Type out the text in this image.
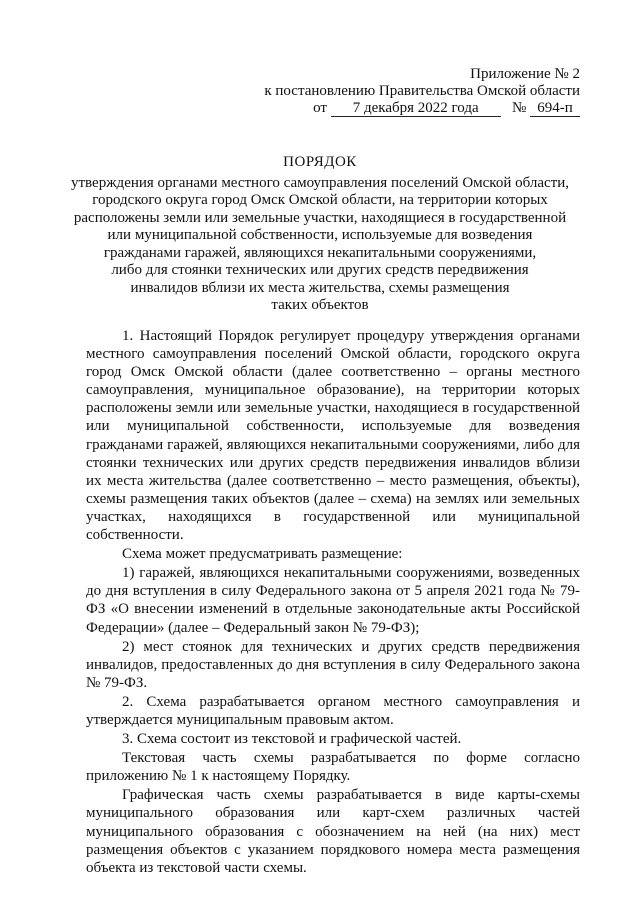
Приложение № 2
к постановлению Правительства Омской области
от 7 декабря 2022 года № 694-п
ПОРЯДОК
утверждения органами местного самоуправления поселений Омской области,
городского округа город Омск Омской области, на территории которых
расположены земли или земельные участки, находящиеся в государственной
или муниципальной собственности, используемые для возведения
гражданами гаражей, являющихся некапитальными сооружениями,
либо для стоянки технических или других средств передвижения
инвалидов вблизи их места жительства, схемы размещения
таких объектов

1. Настоящий Порядок регулирует процедуру утверждения органами местного самоуправления поселений Омской области, городского округа город Омск Омской области (далее соответственно – органы местного самоуправления, муниципальное образование), на территории которых расположены земли или земельные участки, находящиеся в государственной или муниципальной собственности, используемые для возведения гражданами гаражей, являющихся некапитальными сооружениями, либо для стоянки технических или других средств передвижения инвалидов вблизи их места жительства (далее соответственно – место размещения, объекты), схемы размещения таких объектов (далее – схема) на землях или земельных участках, находящихся в государственной или муниципальной собственности.

Схема может предусматривать размещение:

1) гаражей, являющихся некапитальными сооружениями, возведенных до дня вступления в силу Федерального закона от 5 апреля 2021 года № 79-ФЗ «О внесении изменений в отдельные законодательные акты Российской Федерации» (далее – Федеральный закон № 79-ФЗ);

2) мест стоянок для технических и других средств передвижения инвалидов, предоставленных до дня вступления в силу Федерального закона № 79-ФЗ.

2. Схема разрабатывается органом местного самоуправления и утверждается муниципальным правовым актом.

3. Схема состоит из текстовой и графической частей.

Текстовая часть схемы разрабатывается по форме согласно приложению № 1 к настоящему Порядку.

Графическая часть схемы разрабатывается в виде карты-схемы муниципального образования или карт-схем различных частей муниципального образования с обозначением на ней (на них) мест размещения объектов с указанием порядкового номера места размещения объекта из текстовой части схемы.
